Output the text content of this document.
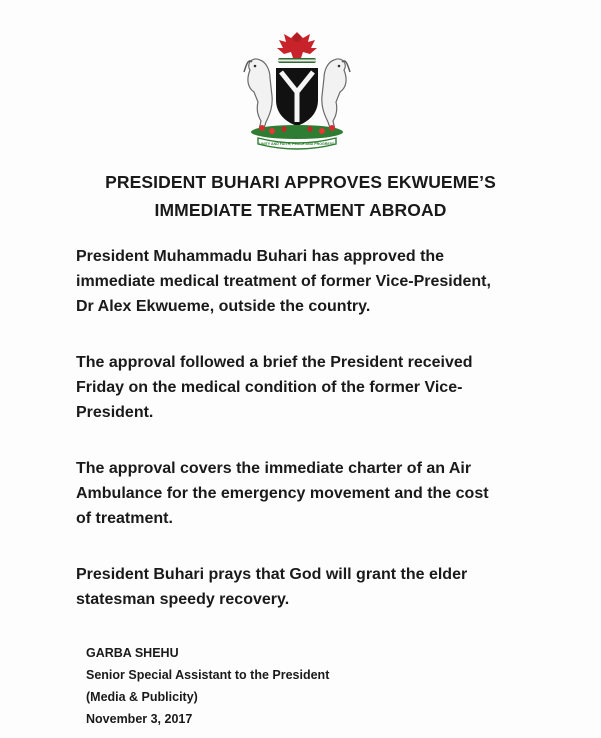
UNITY AND FAITH, PEACE AND PROGRESS
PRESIDENT BUHARI APPROVES EKWUEME’S
IMMEDIATE TREATMENT ABROAD
President Muhammadu Buhari has approved the
immediate medical treatment of former Vice-President,
Dr Alex Ekwueme, outside the country.
The approval followed a brief the President received
Friday on the medical condition of the former Vice-
President.
The approval covers the immediate charter of an Air
Ambulance for the emergency movement and the cost
of treatment.
President Buhari prays that God will grant the elder
statesman speedy recovery.
GARBA SHEHU
Senior Special Assistant to the President
(Media & Publicity)
November 3, 2017
